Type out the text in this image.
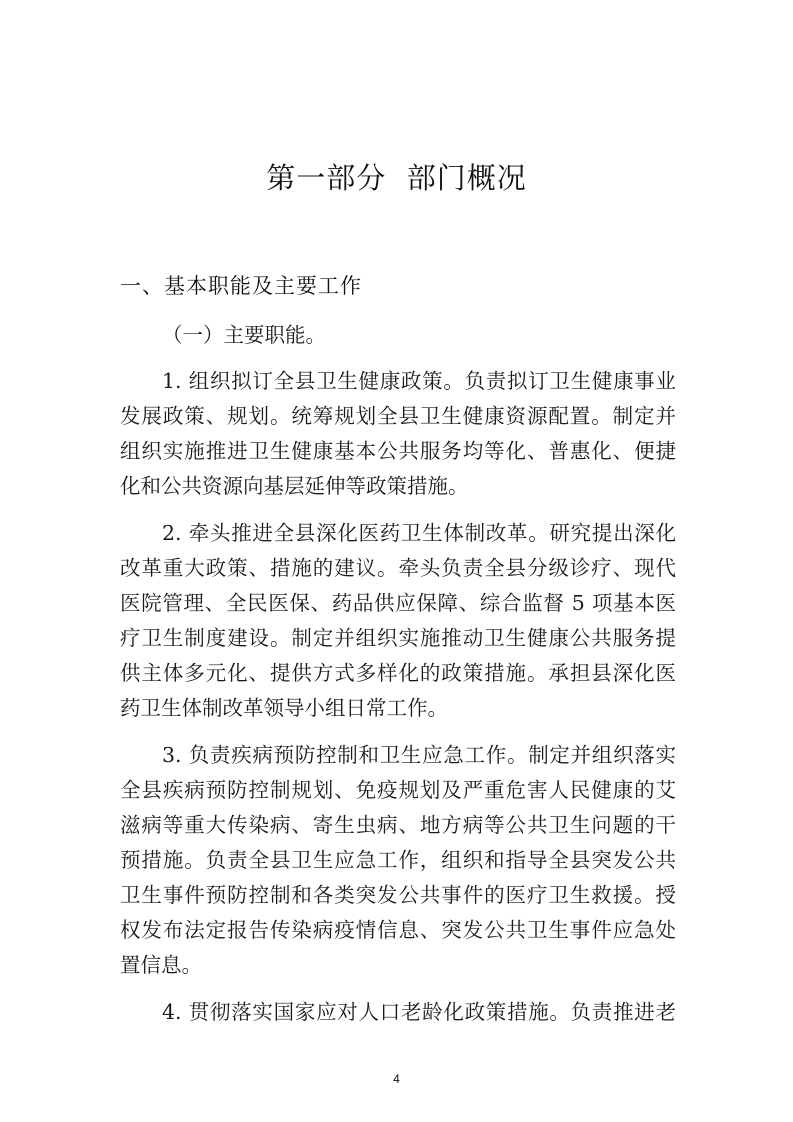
第一部分  部门概况
一、基本职能及主要工作
（一）主要职能。
1. 组织拟订全县卫生健康政策。负责拟订卫生健康事业
发展政策、规划。统筹规划全县卫生健康资源配置。制定并
组织实施推进卫生健康基本公共服务均等化、普惠化、便捷
化和公共资源向基层延伸等政策措施。
2. 牵头推进全县深化医药卫生体制改革。研究提出深化
改革重大政策、措施的建议。牵头负责全县分级诊疗、现代
医院管理、全民医保、药品供应保障、综合监督 5 项基本医
疗卫生制度建设。制定并组织实施推动卫生健康公共服务提
供主体多元化、提供方式多样化的政策措施。承担县深化医
药卫生体制改革领导小组日常工作。
3. 负责疾病预防控制和卫生应急工作。制定并组织落实
全县疾病预防控制规划、免疫规划及严重危害人民健康的艾
滋病等重大传染病、寄生虫病、地方病等公共卫生问题的干
预措施。负责全县卫生应急工作，组织和指导全县突发公共
卫生事件预防控制和各类突发公共事件的医疗卫生救援。授
权发布法定报告传染病疫情信息、突发公共卫生事件应急处
置信息。
4. 贯彻落实国家应对人口老龄化政策措施。负责推进老
4
